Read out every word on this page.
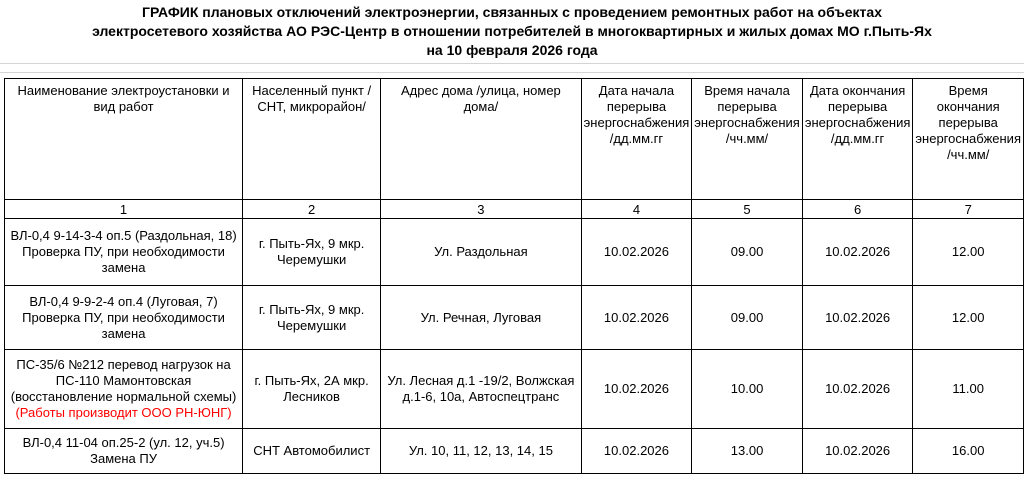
ГРАФИК плановых отключений электроэнергии, связанных с проведением ремонтных работ на объектах
электросетевого хозяйства АО РЭС-Центр в отношении потребителей в многоквартирных и жилых домах МО г.Пыть-Ях
на 10 февраля 2026 года
Наименование электроустановки и вид работ	Населенный пункт /СНТ, микрорайон/	Адрес дома /улица, номер дома/	Дата начала перерыва энергоснабжения /дд.мм.гг	Время начала перерыва энергоснабжения /чч.мм/	Дата окончания перерыва энергоснабжения /дд.мм.гг	Время окончания перерыва энергоснабжения /чч.мм/
1	2	3	4	5	6	7
ВЛ-0,4 9-14-3-4 оп.5 (Раздольная, 18) Проверка ПУ, при необходимости замена	г. Пыть-Ях, 9 мкр. Черемушки	Ул. Раздольная	10.02.2026	09.00	10.02.2026	12.00
ВЛ-0,4 9-9-2-4 оп.4 (Луговая, 7) Проверка ПУ, при необходимости замена	г. Пыть-Ях, 9 мкр. Черемушки	Ул. Речная, Луговая	10.02.2026	09.00	10.02.2026	12.00
ПС-35/6 №212 перевод нагрузок на ПС-110 Мамонтовская (восстановление нормальной схемы) (Работы производит ООО РН-ЮНГ)	г. Пыть-Ях, 2А мкр. Лесников	Ул. Лесная д.1 -19/2, Волжская д.1-6, 10а, Автоспецтранс	10.02.2026	10.00	10.02.2026	11.00
ВЛ-0,4 11-04 оп.25-2 (ул. 12, уч.5) Замена ПУ	СНТ Автомобилист	Ул. 10, 11, 12, 13, 14, 15	10.02.2026	13.00	10.02.2026	16.00
